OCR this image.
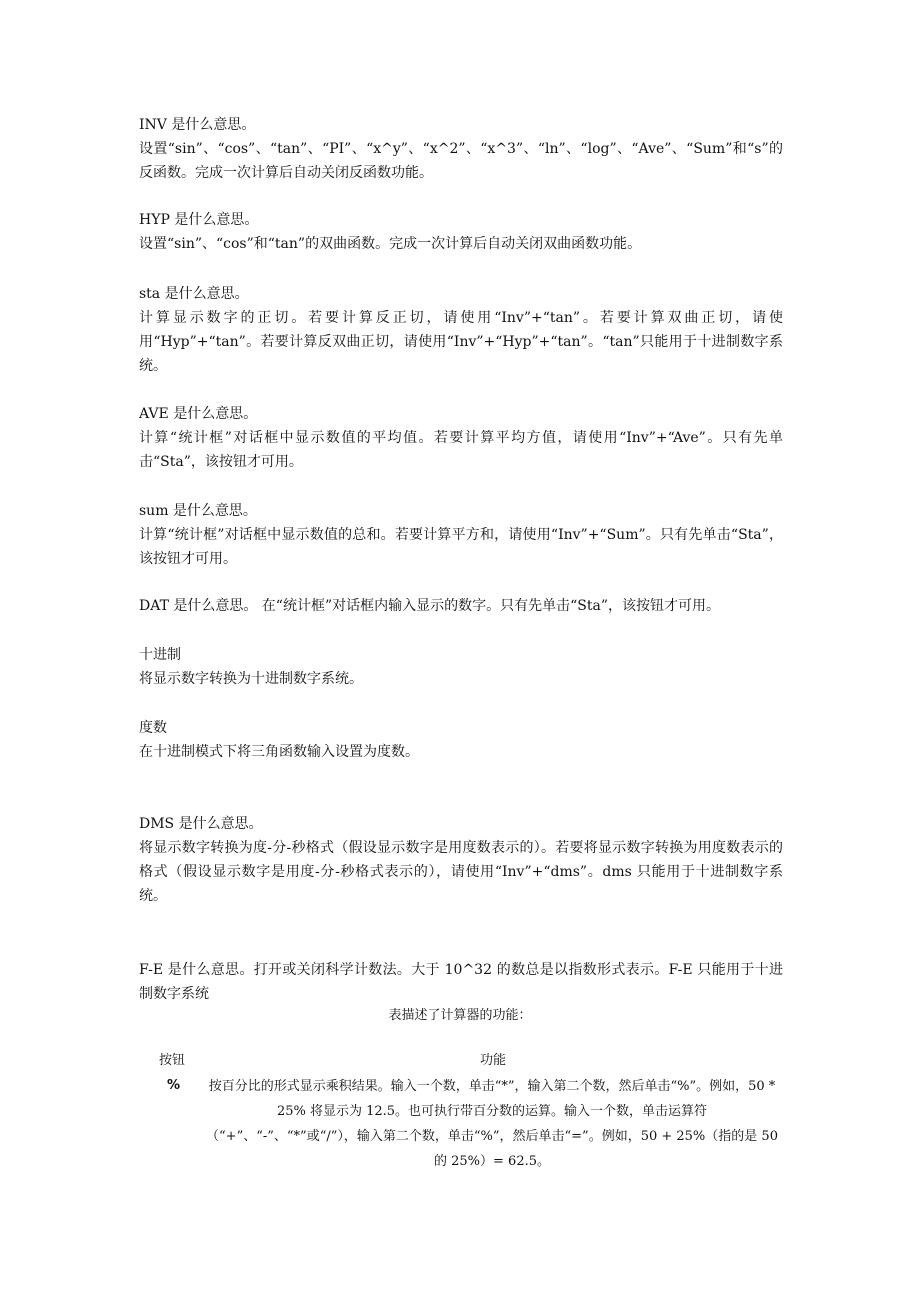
INV 是什么意思。

设置“sin”、“cos”、“tan”、“PI”、“x^y”、“x^2”、“x^3”、“ln”、“log”、“Ave”、“Sum”和“s”的反函数。完成一次计算后自动关闭反函数功能。

HYP 是什么意思。

设置“sin”、“cos”和“tan”的双曲函数。完成一次计算后自动关闭双曲函数功能。

sta 是什么意思。

计算显示数字的正切。若要计算反正切，请使用“Inv”+“tan”。若要计算双曲正切，请使用“Hyp”+“tan”。若要计算反双曲正切，请使用“Inv”+“Hyp”+“tan”。“tan”只能用于十进制数字系统。

AVE 是什么意思。

计算“统计框”对话框中显示数值的平均值。若要计算平均方值，请使用“Inv”+“Ave”。只有先单击“Sta”，该按钮才可用。

sum 是什么意思。

计算“统计框”对话框中显示数值的总和。若要计算平方和，请使用“Inv”+“Sum”。只有先单击“Sta”，该按钮才可用。

DAT 是什么意思。 在“统计框”对话框内输入显示的数字。只有先单击“Sta”，该按钮才可用。

十进制

将显示数字转换为十进制数字系统。

度数

在十进制模式下将三角函数输入设置为度数。

DMS 是什么意思。

将显示数字转换为度-分-秒格式（假设显示数字是用度数表示的）。若要将显示数字转换为用度数表示的格式（假设显示数字是用度-分-秒格式表示的），请使用“Inv”+“dms”。dms 只能用于十进制数字系统。

F-E 是什么意思。打开或关闭科学计数法。大于 10^32 的数总是以指数形式表示。F-E 只能用于十进制数字系统

表描述了计算器的功能：
按钮	功能
%	按百分比的形式显示乘积结果。输入一个数，单击“*”，输入第二个数，然后单击“%”。例如，50 * 25% 将显示为 12.5。也可执行带百分数的运算。输入一个数，单击运算符（“+”、“-”、“*”或“/”），输入第二个数，单击“%”，然后单击“=”。例如，50 + 25%（指的是 50 的 25%）= 62.5。
